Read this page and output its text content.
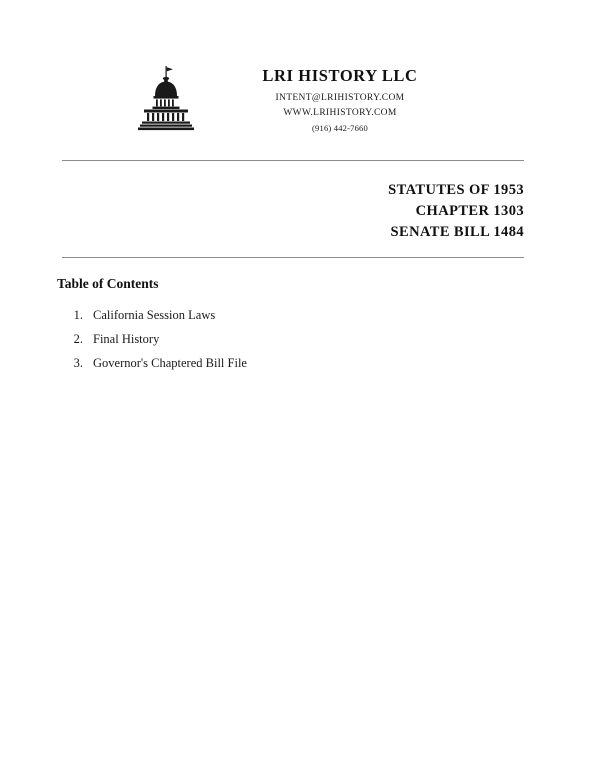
LRI HISTORY LLC
INTENT@LRIHISTORY.COM
WWW.LRIHISTORY.COM
(916) 442-7660
STATUTES OF 1953
CHAPTER 1303
SENATE BILL 1484
Table of Contents
1. California Session Laws
2. Final History
3. Governor's Chaptered Bill File
